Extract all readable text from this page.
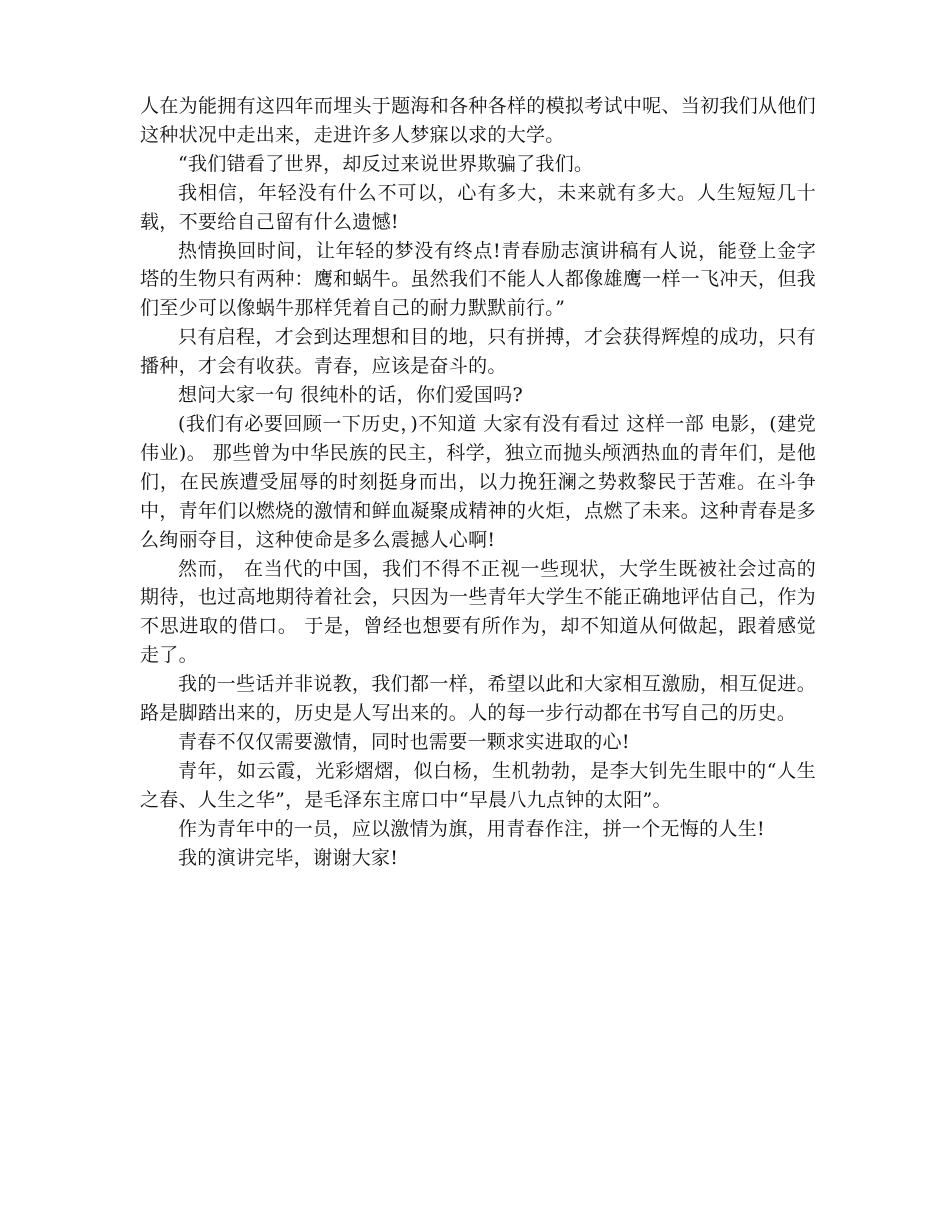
人在为能拥有这四年而埋头于题海和各种各样的模拟考试中呢、当初我们从他们这种状况中走出来，走进许多人梦寐以求的大学。

“我们错看了世界，却反过来说世界欺骗了我们。

我相信，年轻没有什么不可以，心有多大，未来就有多大。人生短短几十载，不要给自己留有什么遗憾!

热情换回时间，让年轻的梦没有终点!青春励志演讲稿有人说，能登上金字塔的生物只有两种：鹰和蜗牛。虽然我们不能人人都像雄鹰一样一飞冲天，但我们至少可以像蜗牛那样凭着自己的耐力默默前行。”

只有启程，才会到达理想和目的地，只有拼搏，才会获得辉煌的成功，只有播种，才会有收获。青春，应该是奋斗的。

想问大家一句 很纯朴的话，你们爱国吗?

(我们有必要回顾一下历史，)不知道 大家有没有看过 这样一部 电影，(建党伟业)。 那些曾为中华民族的民主，科学，独立而抛头颅洒热血的青年们，是他们，在民族遭受屈辱的时刻挺身而出，以力挽狂澜之势救黎民于苦难。在斗争中，青年们以燃烧的激情和鲜血凝聚成精神的火炬，点燃了未来。这种青春是多么绚丽夺目，这种使命是多么震撼人心啊!

然而， 在当代的中国，我们不得不正视一些现状，大学生既被社会过高的期待，也过高地期待着社会，只因为一些青年大学生不能正确地评估自己，作为不思进取的借口。 于是，曾经也想要有所作为，却不知道从何做起，跟着感觉走了。

我的一些话并非说教，我们都一样，希望以此和大家相互激励，相互促进。路是脚踏出来的，历史是人写出来的。人的每一步行动都在书写自己的历史。

青春不仅仅需要激情，同时也需要一颗求实进取的心!

青年，如云霞，光彩熠熠，似白杨，生机勃勃，是李大钊先生眼中的“人生之春、人生之华”，是毛泽东主席口中“早晨八九点钟的太阳”。

作为青年中的一员，应以激情为旗，用青春作注，拼一个无悔的人生!

我的演讲完毕，谢谢大家!
